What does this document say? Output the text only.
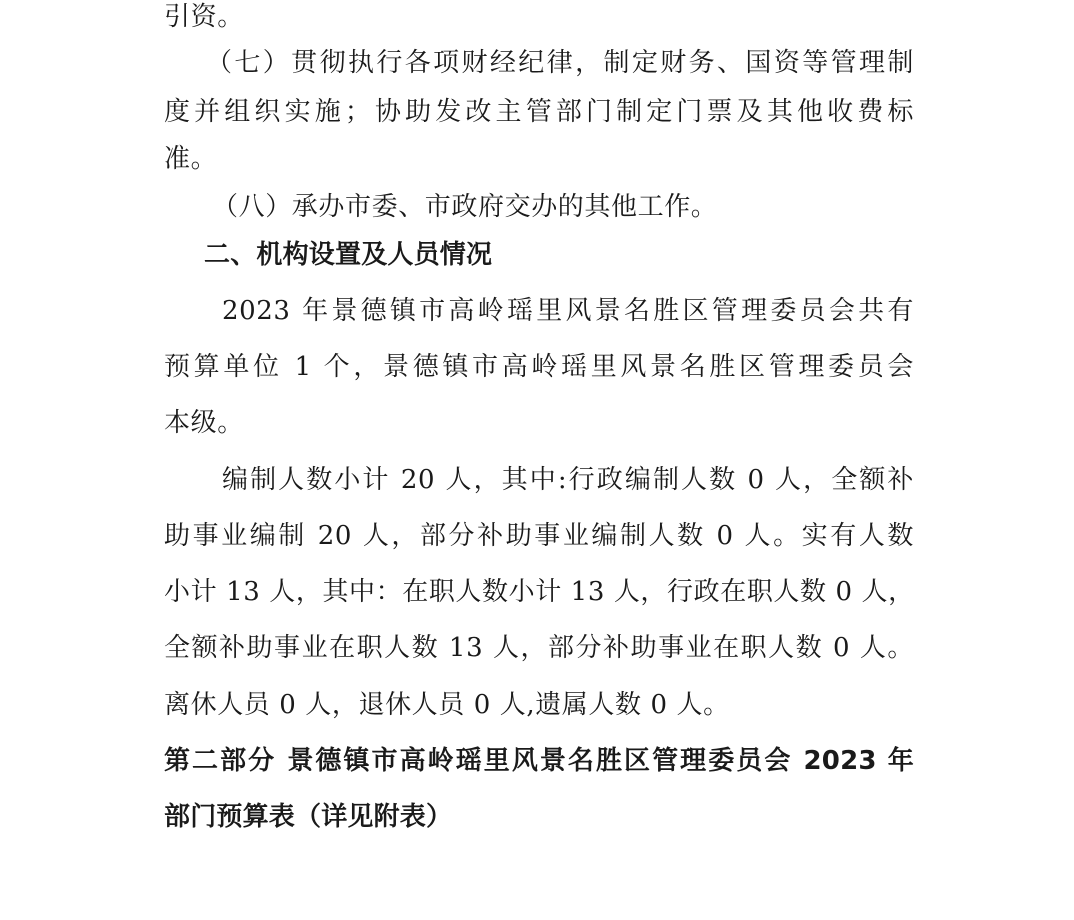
引资。
（七）贯彻执行各项财经纪律，制定财务、国资等管理制
度并组织实施；协助发改主管部门制定门票及其他收费标
准。
（八）承办市委、市政府交办的其他工作。
二、机构设置及人员情况
2023 年景德镇市高岭瑶里风景名胜区管理委员会共有
预算单位 1 个，景德镇市高岭瑶里风景名胜区管理委员会
本级。
编制人数小计 20 人，其中:行政编制人数 0 人，全额补
助事业编制 20 人，部分补助事业编制人数 0 人。实有人数
小计 13 人，其中：在职人数小计 13 人，行政在职人数 0 人，
全额补助事业在职人数 13 人，部分补助事业在职人数 0 人。
离休人员 0 人，退休人员 0 人,遗属人数 0 人。
第二部分 景德镇市高岭瑶里风景名胜区管理委员会 2023 年
部门预算表（详见附表）
